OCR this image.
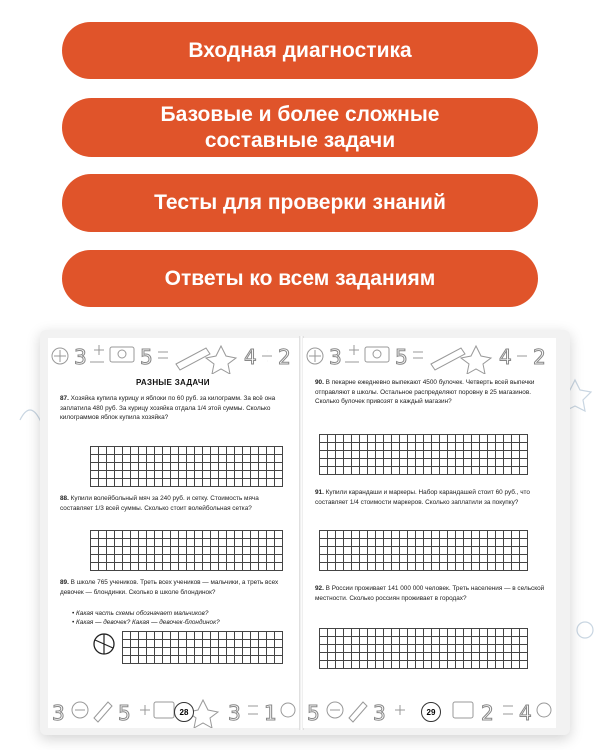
Входная диагностика
Базовые и более сложные
составные задачи
Тесты для проверки знаний
Ответы ко всем заданиям
3	5	4 2
РАЗНЫЕ ЗАДАЧИ
87. Хозяйка купила курицу и яблоки по 60 руб. за килограмм. За всё она заплатила 480 руб. За курицу хозяйка отдала 1/4 этой суммы. Сколько килограммов яблок купила хозяйка?
88. Купили волейбольный мяч за 240 руб. и сетку. Стоимость мяча составляет 1/3 всей суммы. Сколько стоит волейбольная сетка?
89. В школе 765 учеников. Треть всех учеников — мальчики, а треть всех девочек — блондинки. Сколько в школе блондинок?
• Какая часть схемы обозначает мальчиков?
• Какая — девочек? Какая — девочек-блондинок?
3	5	3 1
28
3	5	4 2
90. В пекарне ежедневно выпекают 4500 булочек. Четверть всей выпечки отправляют в школы. Остальное распределяют поровну в 25 магазинов. Сколько булочек привозят в каждый магазин?
91. Купили карандаши и маркеры. Набор карандашей стоит 60 руб., что составляет 1/4 стоимости маркеров. Сколько заплатили за покупку?
92. В России проживает 141 000 000 человек. Треть населения — в сельской местности. Сколько россиян проживает в городах?
5	3	2 4
29
